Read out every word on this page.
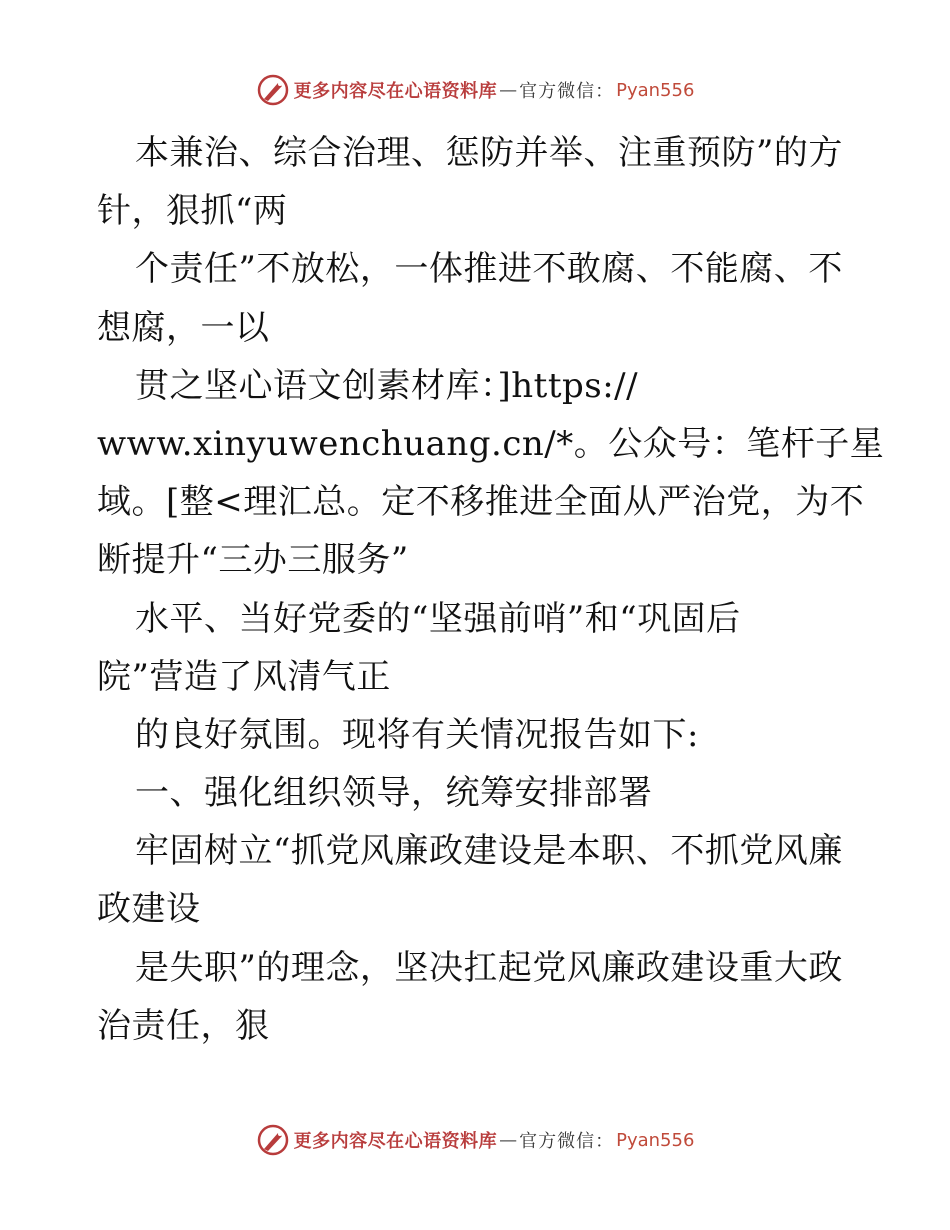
更多内容尽在心语资料库 — 官方微信： Pyan556
本兼治、综合治理、惩防并举、注重预防”的方
针，狠抓“两
个责任”不放松，一体推进不敢腐、不能腐、不
想腐，一以
贯之坚心语文创素材库：]https://
www.xinyuwenchuang.cn/*。公众号：笔杆子星
域。[整<理汇总。定不移推进全面从严治党，为不
断提升“三办三服务”
水平、当好党委的“坚强前哨”和“巩固后
院”营造了风清气正
的良好氛围。现将有关情况报告如下:
一、强化组织领导，统筹安排部署
牢固树立“抓党风廉政建设是本职、不抓党风廉
政建设
是失职”的理念，坚决扛起党风廉政建设重大政
治责任，狠
更多内容尽在心语资料库 — 官方微信： Pyan556
